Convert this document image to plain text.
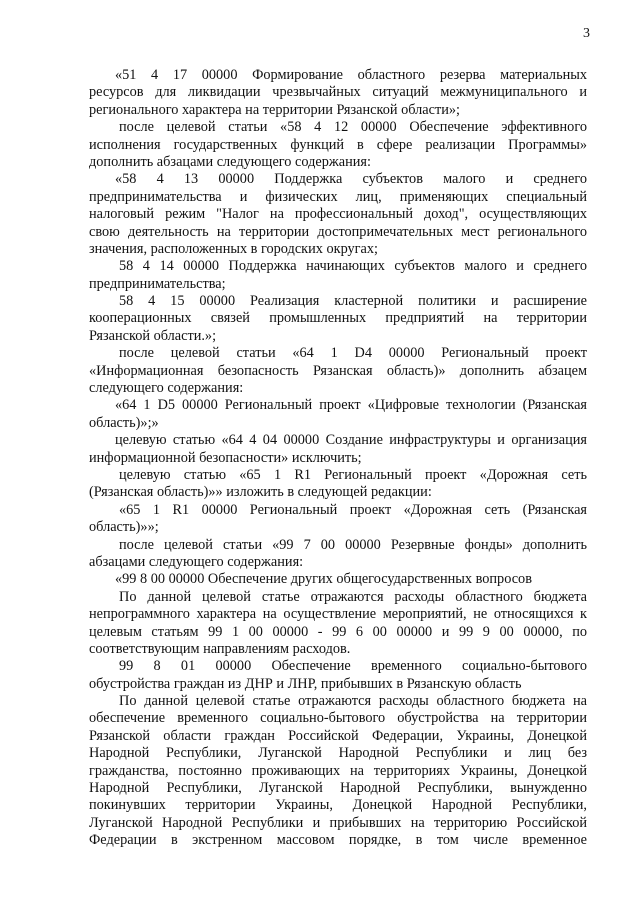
3
«51 4 17 00000 Формирование областного резерва материальных
ресурсов для ликвидации чрезвычайных ситуаций межмуниципального и
регионального характера на территории Рязанской области»;
после целевой статьи «58 4 12 00000 Обеспечение эффективного
исполнения государственных функций в сфере реализации Программы»
дополнить абзацами следующего содержания:
«58 4 13 00000 Поддержка субъектов малого и среднего
предпринимательства и физических лиц, применяющих специальный
налоговый режим "Налог на профессиональный доход", осуществляющих
свою деятельность на территории достопримечательных мест регионального
значения, расположенных в городских округах;
58 4 14 00000 Поддержка начинающих субъектов малого и среднего
предпринимательства;
58 4 15 00000 Реализация кластерной политики и расширение
кооперационных связей промышленных предприятий на территории
Рязанской области.»;
после целевой статьи «64 1 D4 00000 Региональный проект
«Информационная безопасность Рязанская область)» дополнить абзацем
следующего содержания:
«64 1 D5 00000 Региональный проект «Цифровые технологии (Рязанская
область)»;»
целевую статью «64 4 04 00000 Создание инфраструктуры и организация
информационной безопасности» исключить;
целевую статью «65 1 R1 Региональный проект «Дорожная сеть
(Рязанская область)»» изложить в следующей редакции:
«65 1 R1 00000 Региональный проект «Дорожная сеть (Рязанская
область)»»;
после целевой статьи «99 7 00 00000 Резервные фонды» дополнить
абзацами следующего содержания:
«99 8 00 00000 Обеспечение других общегосударственных вопросов
По данной целевой статье отражаются расходы областного бюджета
непрограммного характера на осуществление мероприятий, не относящихся к
целевым статьям 99 1 00 00000 - 99 6 00 00000 и 99 9 00 00000, по
соответствующим направлениям расходов.
99 8 01 00000 Обеспечение временного социально-бытового
обустройства граждан из ДНР и ЛНР, прибывших в Рязанскую область
По данной целевой статье отражаются расходы областного бюджета на
обеспечение временного социально-бытового обустройства на территории
Рязанской области граждан Российской Федерации, Украины, Донецкой
Народной Республики, Луганской Народной Республики и лиц без
гражданства, постоянно проживающих на территориях Украины, Донецкой
Народной Республики, Луганской Народной Республики, вынужденно
покинувших территории Украины, Донецкой Народной Республики,
Луганской Народной Республики и прибывших на территорию Российской
Федерации в экстренном массовом порядке, в том числе временное
